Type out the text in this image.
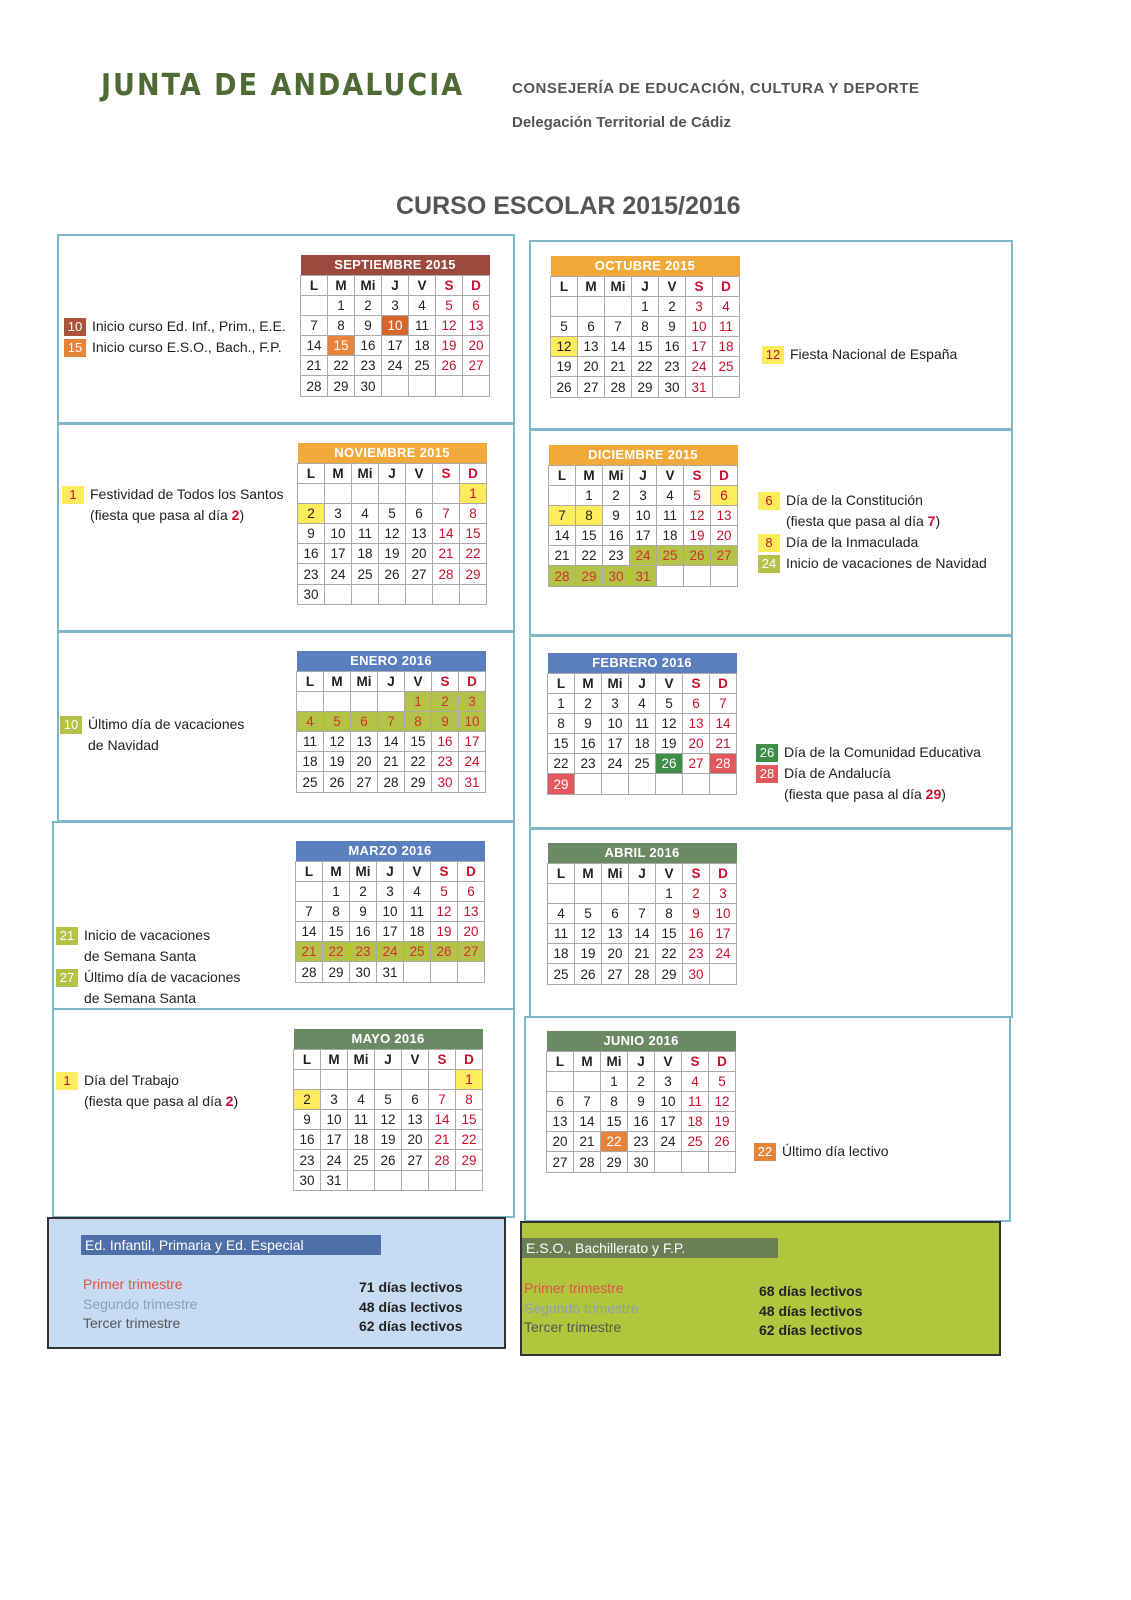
JUNTA DE ANDALUCIA	CONSEJERÍA DE EDUCACIÓN, CULTURA Y DEPORTE
Delegación Territorial de Cádiz
CURSO ESCOLAR 2015/2016
SEPTIEMBRE 2015						
L	M	Mi	J	V	S	D
	1	2	3	4	5	6
7	8	9	10	11	12	13
14	15	16	17	18	19	20
21	22	23	24	25	26	27
28	29	30				
OCTUBRE 2015						
L	M	Mi	J	V	S	D
			1	2	3	4
5	6	7	8	9	10	11
12	13	14	15	16	17	18
19	20	21	22	23	24	25
26	27	28	29	30	31	
NOVIEMBRE 2015						
L	M	Mi	J	V	S	D
						1
2	3	4	5	6	7	8
9	10	11	12	13	14	15
16	17	18	19	20	21	22
23	24	25	26	27	28	29
30						
DICIEMBRE 2015						
L	M	Mi	J	V	S	D
	1	2	3	4	5	6
7	8	9	10	11	12	13
14	15	16	17	18	19	20
21	22	23	24	25	26	27
28	29	30	31			
ENERO 2016						
L	M	Mi	J	V	S	D
				1	2	3
4	5	6	7	8	9	10
11	12	13	14	15	16	17
18	19	20	21	22	23	24
25	26	27	28	29	30	31
FEBRERO 2016						
L	M	Mi	J	V	S	D
1	2	3	4	5	6	7
8	9	10	11	12	13	14
15	16	17	18	19	20	21
22	23	24	25	26	27	28
29						
MARZO 2016						
L	M	Mi	J	V	S	D
	1	2	3	4	5	6
7	8	9	10	11	12	13
14	15	16	17	18	19	20
21	22	23	24	25	26	27
28	29	30	31			
ABRIL 2016						
L	M	Mi	J	V	S	D
				1	2	3
4	5	6	7	8	9	10
11	12	13	14	15	16	17
18	19	20	21	22	23	24
25	26	27	28	29	30	
MAYO 2016						
L	M	Mi	J	V	S	D
						1
2	3	4	5	6	7	8
9	10	11	12	13	14	15
16	17	18	19	20	21	22
23	24	25	26	27	28	29
30	31					
JUNIO 2016						
L	M	Mi	J	V	S	D
		1	2	3	4	5
6	7	8	9	10	11	12
13	14	15	16	17	18	19
20	21	22	23	24	25	26
27	28	29	30			
10 Inicio curso Ed. Inf., Prim., E.E.
15 Inicio curso E.S.O., Bach., F.P.	12 Fiesta Nacional de España
1 Festividad de Todos los Santos
(fiesta que pasa al día 2)
6 Día de la Constitución
(fiesta que pasa al día 7)
8 Día de la Inmaculada
24 Inicio de vacaciones de Navidad
10 Último día de vacaciones
de Navidad	26 Día de la Comunidad Educativa
28 Día de Andalucía
(fiesta que pasa al día 29)
21 Inicio de vacaciones
de Semana Santa
27 Último día de vacaciones
de Semana Santa
1 Día del Trabajo
(fiesta que pasa al día 2)
22 Último día lectivo
Ed. Infantil, Primaria y Ed. Especial
Primer trimestre	71 días lectivos
Segundo trimestre	48 días lectivos
Tercer trimestre	62 días lectivos
E.S.O., Bachillerato y F.P.
Primer trimestre	68 días lectivos
Segundo trimestre	48 días lectivos
Tercer trimestre	62 días lectivos
